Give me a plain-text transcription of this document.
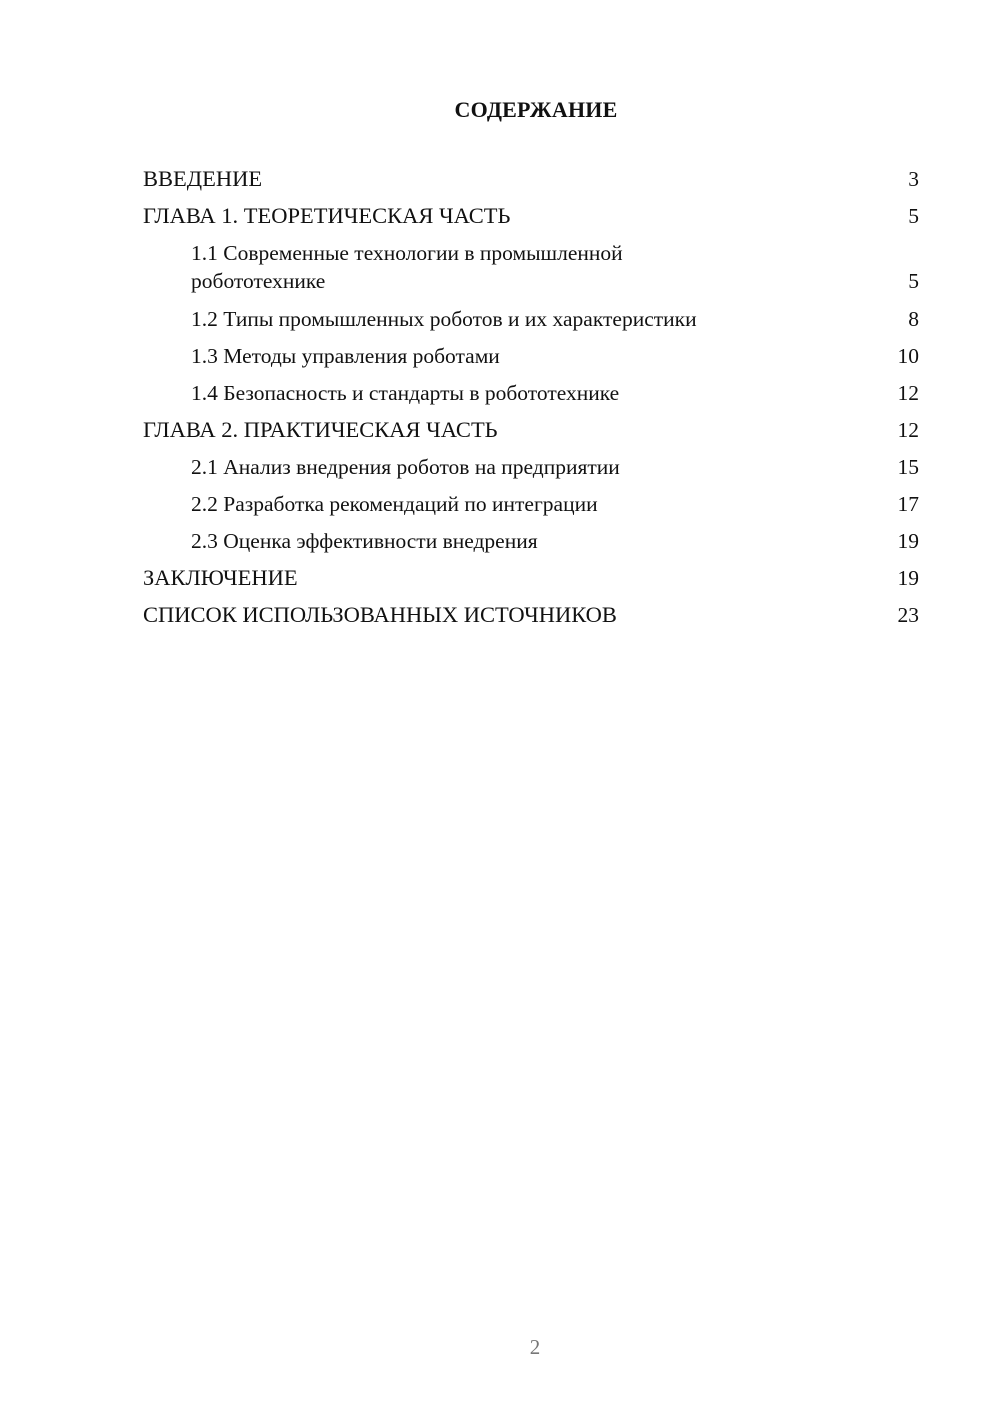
СОДЕРЖАНИЕ
ВВЕДЕНИЕ	3
ГЛАВА 1. ТЕОРЕТИЧЕСКАЯ ЧАСТЬ	5
1.1 Современные технологии в промышленной
робототехнике	5
1.2 Типы промышленных роботов и их характеристики	8
1.3 Методы управления роботами	10
1.4 Безопасность и стандарты в робототехнике	12
ГЛАВА 2. ПРАКТИЧЕСКАЯ ЧАСТЬ	12
2.1 Анализ внедрения роботов на предприятии	15
2.2 Разработка рекомендаций по интеграции	17
2.3 Оценка эффективности внедрения	19
ЗАКЛЮЧЕНИЕ	19
СПИСОК ИСПОЛЬЗОВАННЫХ ИСТОЧНИКОВ	23
2
